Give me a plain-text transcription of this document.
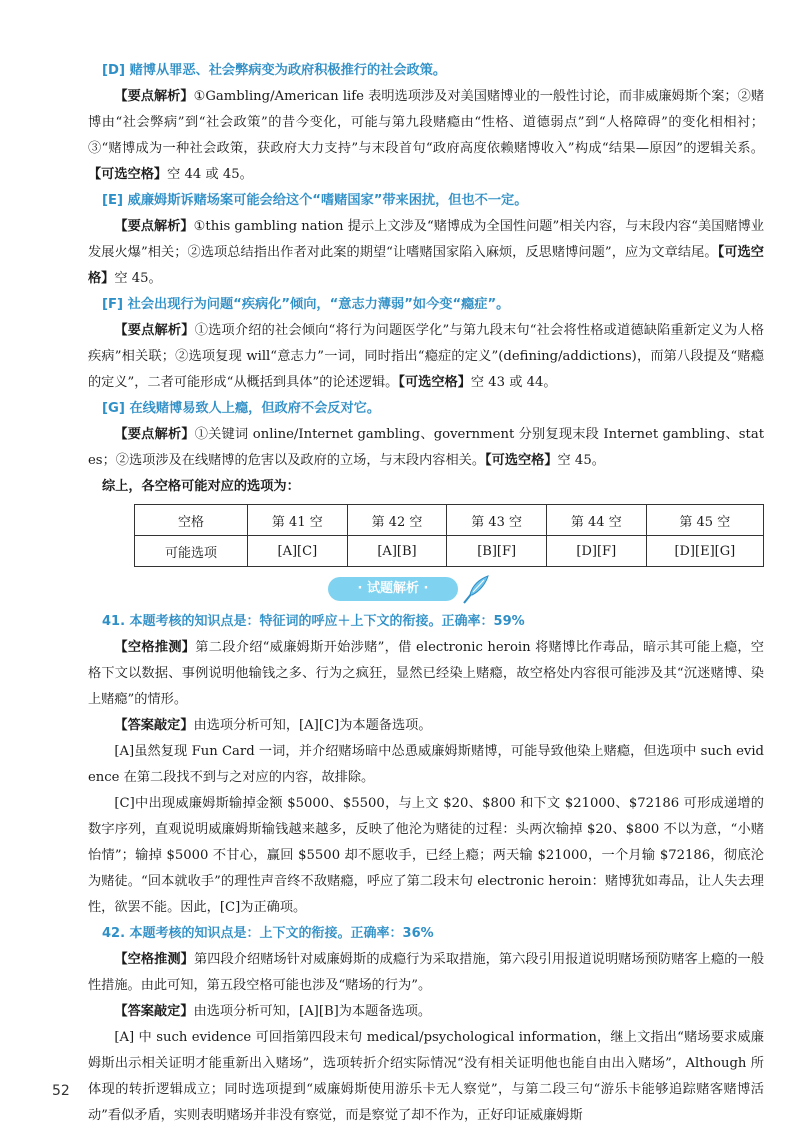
[D] 赌博从罪恶、社会弊病变为政府积极推行的社会政策。

【要点解析】①Gambling/American life 表明选项涉及对美国赌博业的一般性讨论，而非威廉姆斯个案；②赌博由“社会弊病”到“社会政策”的昔今变化，可能与第九段赌瘾由“性格、道德弱点”到“人格障碍”的变化相相衬；③“赌博成为一种社会政策，获政府大力支持”与末段首句“政府高度依赖赌博收入”构成“结果—原因”的逻辑关系。【可选空格】空 44 或 45。

[E] 威廉姆斯诉赌场案可能会给这个“嗜赌国家”带来困扰，但也不一定。

【要点解析】①this gambling nation 提示上文涉及“赌博成为全国性问题”相关内容，与末段内容“美国赌博业发展火爆”相关；②选项总结指出作者对此案的期望“让嗜赌国家陷入麻烦，反思赌博问题”，应为文章结尾。【可选空格】空 45。

[F] 社会出现行为问题“疾病化”倾向，“意志力薄弱”如今变“瘾症”。

【要点解析】①选项介绍的社会倾向“将行为问题医学化”与第九段末句“社会将性格或道德缺陷重新定义为人格疾病”相关联；②选项复现 will“意志力”一词，同时指出“瘾症的定义”(defining/addictions)，而第八段提及“赌瘾的定义”，二者可能形成“从概括到具体”的论述逻辑。【可选空格】空 43 或 44。

[G] 在线赌博易致人上瘾，但政府不会反对它。

【要点解析】①关键词 online/Internet gambling、government 分别复现末段 Internet gambling、states；②选项涉及在线赌博的危害以及政府的立场，与末段内容相关。【可选空格】空 45。

综上，各空格可能对应的选项为：

空格	第 41 空	第 42 空	第 43 空	第 44 空	第 45 空
可能选项	[A][C]	[A][B]	[B][F]	[D][F]	[D][E][G]
· 试题解析 ·

41. 本题考核的知识点是：特征词的呼应＋上下文的衔接。正确率：59%

【空格推测】第二段介绍“威廉姆斯开始涉赌”，借 electronic heroin 将赌博比作毒品，暗示其可能上瘾，空格下文以数据、事例说明他输钱之多、行为之疯狂，显然已经染上赌瘾，故空格处内容很可能涉及其“沉迷赌博、染上赌瘾”的情形。

【答案敲定】由选项分析可知，[A][C]为本题备选项。

[A]虽然复现 Fun Card 一词，并介绍赌场暗中怂恿威廉姆斯赌博，可能导致他染上赌瘾，但选项中 such evidence 在第二段找不到与之对应的内容，故排除。

[C]中出现威廉姆斯输掉金额 $5000、$5500，与上文 $20、$800 和下文 $21000、$72186 可形成递增的数字序列，直观说明威廉姆斯输钱越来越多，反映了他沦为赌徒的过程：头两次输掉 $20、$800 不以为意，“小赌怡情”；输掉 $5000 不甘心，赢回 $5500 却不愿收手，已经上瘾；两天输 $21000，一个月输 $72186，彻底沦为赌徒。“回本就收手”的理性声音终不敌赌瘾，呼应了第二段末句 electronic heroin：赌博犹如毒品，让人失去理性，欲罢不能。因此，[C]为正确项。

42. 本题考核的知识点是：上下文的衔接。正确率：36%

【空格推测】第四段介绍赌场针对威廉姆斯的成瘾行为采取措施，第六段引用报道说明赌场预防赌客上瘾的一般性措施。由此可知，第五段空格可能也涉及“赌场的行为”。

【答案敲定】由选项分析可知，[A][B]为本题备选项。

[A] 中 such evidence 可回指第四段末句 medical/psychological information，继上文指出“赌场要求威廉姆斯出示相关证明才能重新出入赌场”，选项转折介绍实际情况“没有相关证明他也能自由出入赌场”，Although 所体现的转折逻辑成立；同时选项提到“威廉姆斯使用游乐卡无人察觉”，与第二段三句“游乐卡能够追踪赌客赌博活动”看似矛盾，实则表明赌场并非没有察觉，而是察觉了却不作为，正好印证威廉姆斯

52
